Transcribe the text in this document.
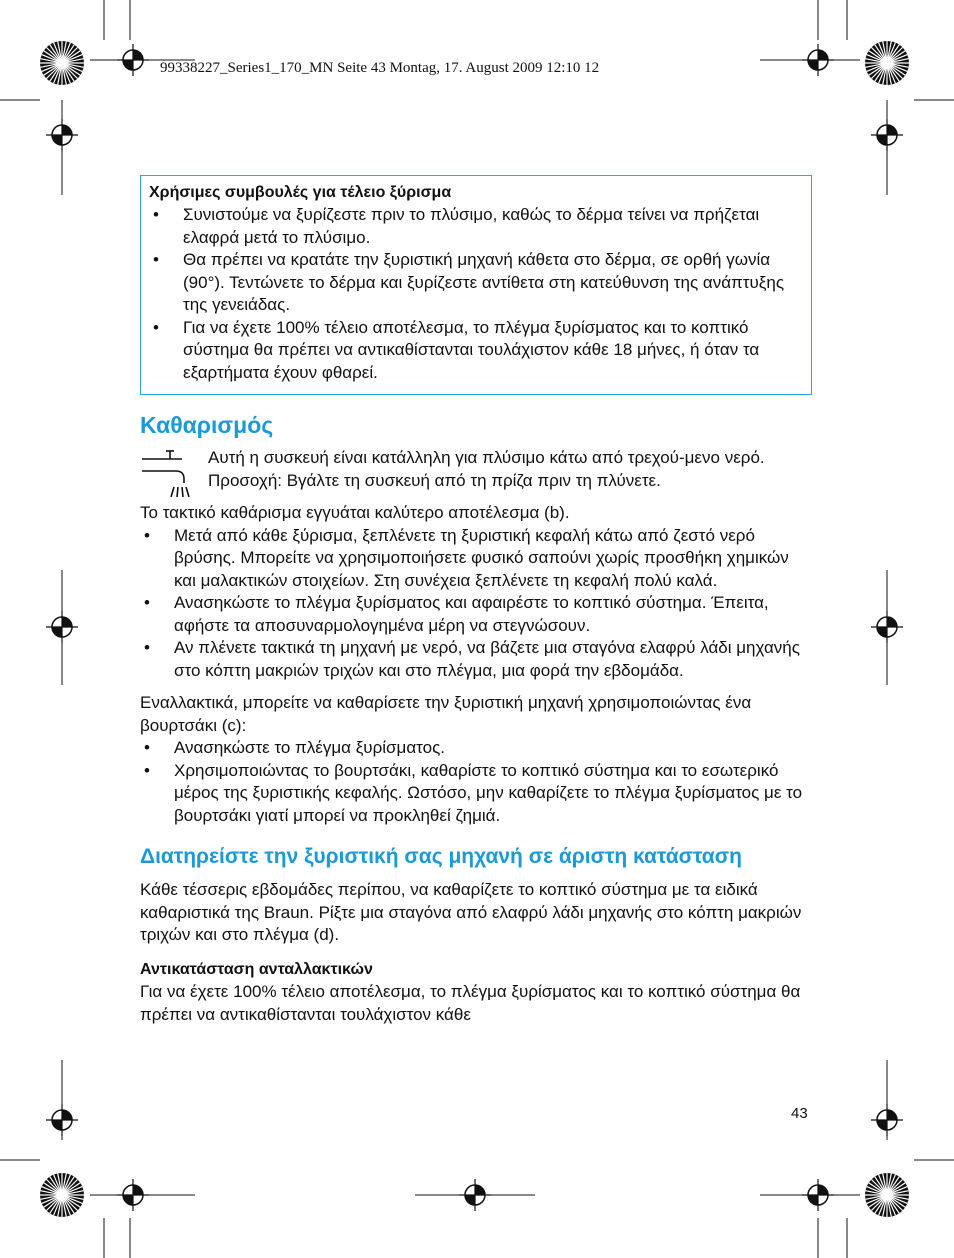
99338227_Series1_170_MN Seite 43 Montag, 17. August 2009 12:10 12
Χρήσιμες συμβουλές για τέλειο ξύρισμα
• Συνιστούμε να ξυρίζεστε πριν το πλύσιμο, καθώς το δέρμα τείνει να πρήζεται ελαφρά μετά το πλύσιμο.
• Θα πρέπει να κρατάτε την ξυριστική μηχανή κάθετα στο δέρμα, σε ορθή γωνία (90°). Τεντώνετε το δέρμα και ξυρίζεστε αντίθετα στη κατεύθυνση της ανάπτυξης της γενειάδας.
• Για να έχετε 100% τέλειο αποτέλεσμα, το πλέγμα ξυρίσματος και το κοπτικό σύστημα θα πρέπει να αντικαθίστανται τουλάχιστον κάθε 18 μήνες, ή όταν τα εξαρτήματα έχουν φθαρεί.
Καθαρισμός

Αυτή η συσκευή είναι κατάλληλη για πλύσιμο κάτω από τρεχού-μενο νερό.

Προσοχή: Βγάλτε τη συσκευή από τη πρίζα πριν τη πλύνετε.

Το τακτικό καθάρισμα εγγυάται καλύτερο αποτέλεσμα (b).

• Μετά από κάθε ξύρισμα, ξεπλένετε τη ξυριστική κεφαλή κάτω από ζεστό νερό βρύσης. Μπορείτε να χρησιμοποιήσετε φυσικό σαπούνι χωρίς προσθήκη χημικών και μαλακτικών στοιχείων. Στη συνέχεια ξεπλένετε τη κεφαλή πολύ καλά.
• Ανασηκώστε το πλέγμα ξυρίσματος και αφαιρέστε το κοπτικό σύστημα. Έπειτα, αφήστε τα αποσυναρμολογημένα μέρη να στεγνώσουν.
• Αν πλένετε τακτικά τη μηχανή με νερό, να βάζετε μια σταγόνα ελαφρύ λάδι μηχανής στο κόπτη μακριών τριχών και στο πλέγμα, μια φορά την εβδομάδα.

Εναλλακτικά, μπορείτε να καθαρίσετε την ξυριστική μηχανή χρησιμοποιώντας ένα βουρτσάκι (c):

• Ανασηκώστε το πλέγμα ξυρίσματος.
• Χρησιμοποιώντας το βουρτσάκι, καθαρίστε το κοπτικό σύστημα και το εσωτερικό μέρος της ξυριστικής κεφαλής. Ωστόσο, μην καθαρίζετε το πλέγμα ξυρίσματος με το βουρτσάκι γιατί μπορεί να προκληθεί ζημιά.
Διατηρείστε την ξυριστική σας μηχανή σε άριστη κατάσταση

Κάθε τέσσερις εβδομάδες περίπου, να καθαρίζετε το κοπτικό σύστημα με τα ειδικά καθαριστικά της Braun. Ρίξτε μια σταγόνα από ελαφρύ λάδι μηχανής στο κόπτη μακριών τριχών και στο πλέγμα (d).

Αντικατάσταση ανταλλακτικών

Για να έχετε 100% τέλειο αποτέλεσμα, το πλέγμα ξυρίσματος και το κοπτικό σύστημα θα πρέπει να αντικαθίστανται τουλάχιστον κάθε

43
